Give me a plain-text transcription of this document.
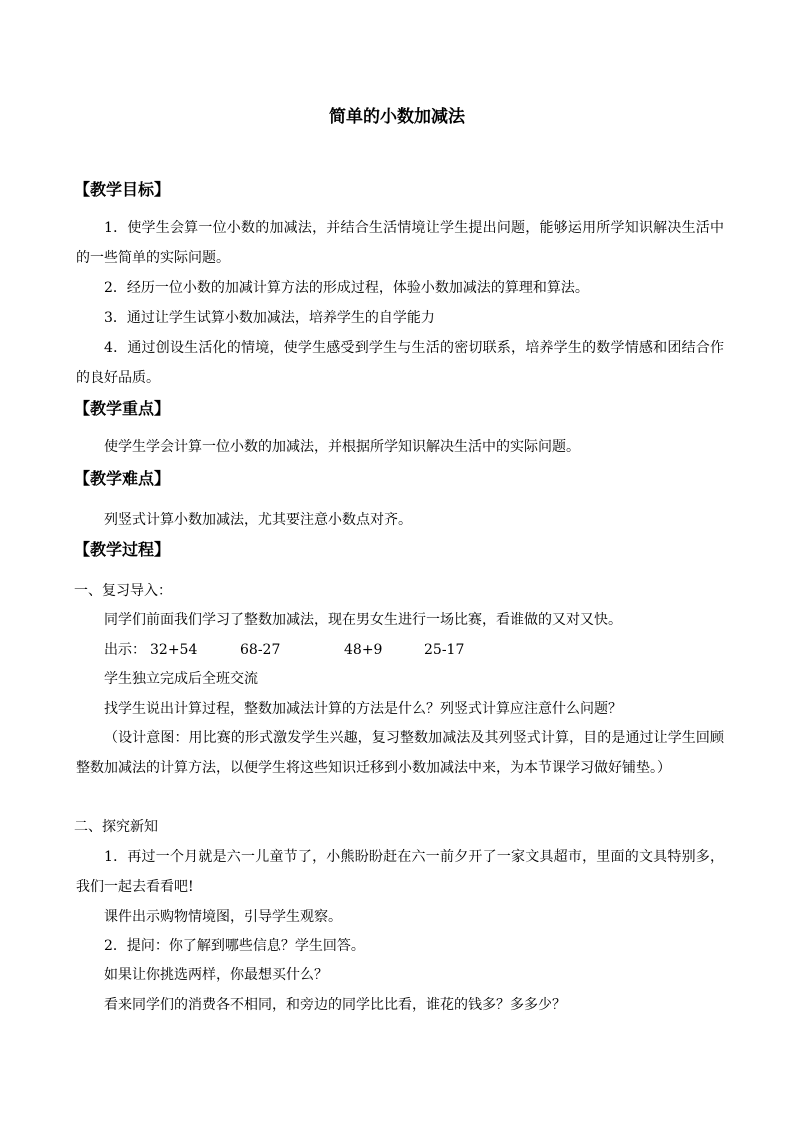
简单的小数加减法
【教学目标】
1．使学生会算一位小数的加减法，并结合生活情境让学生提出问题，能够运用所学知识解决生活中的一些简单的实际问题。
2．经历一位小数的加减计算方法的形成过程，体验小数加减法的算理和算法。
3．通过让学生试算小数加减法，培养学生的自学能力
4．通过创设生活化的情境，使学生感受到学生与生活的密切联系，培养学生的数学情感和团结合作的良好品质。
【教学重点】
使学生学会计算一位小数的加减法，并根据所学知识解决生活中的实际问题。
【教学难点】
列竖式计算小数加减法，尤其要注意小数点对齐。
【教学过程】
一、复习导入：
同学们前面我们学习了整数加减法，现在男女生进行一场比赛，看谁做的又对又快。
出示： 32+54	68-27	48+9	25-17
学生独立完成后全班交流
找学生说出计算过程，整数加减法计算的方法是什么？列竖式计算应注意什么问题？
（设计意图：用比赛的形式激发学生兴趣，复习整数加减法及其列竖式计算，目的是通过让学生回顾整数加减法的计算方法，以便学生将这些知识迁移到小数加减法中来，为本节课学习做好铺垫。）
二、探究新知
1．再过一个月就是六一儿童节了，小熊盼盼赶在六一前夕开了一家文具超市，里面的文具特别多，我们一起去看看吧!
课件出示购物情境图，引导学生观察。
2．提问：你了解到哪些信息？学生回答。
如果让你挑选两样，你最想买什么？
看来同学们的消费各不相同，和旁边的同学比比看，谁花的钱多？多多少？
